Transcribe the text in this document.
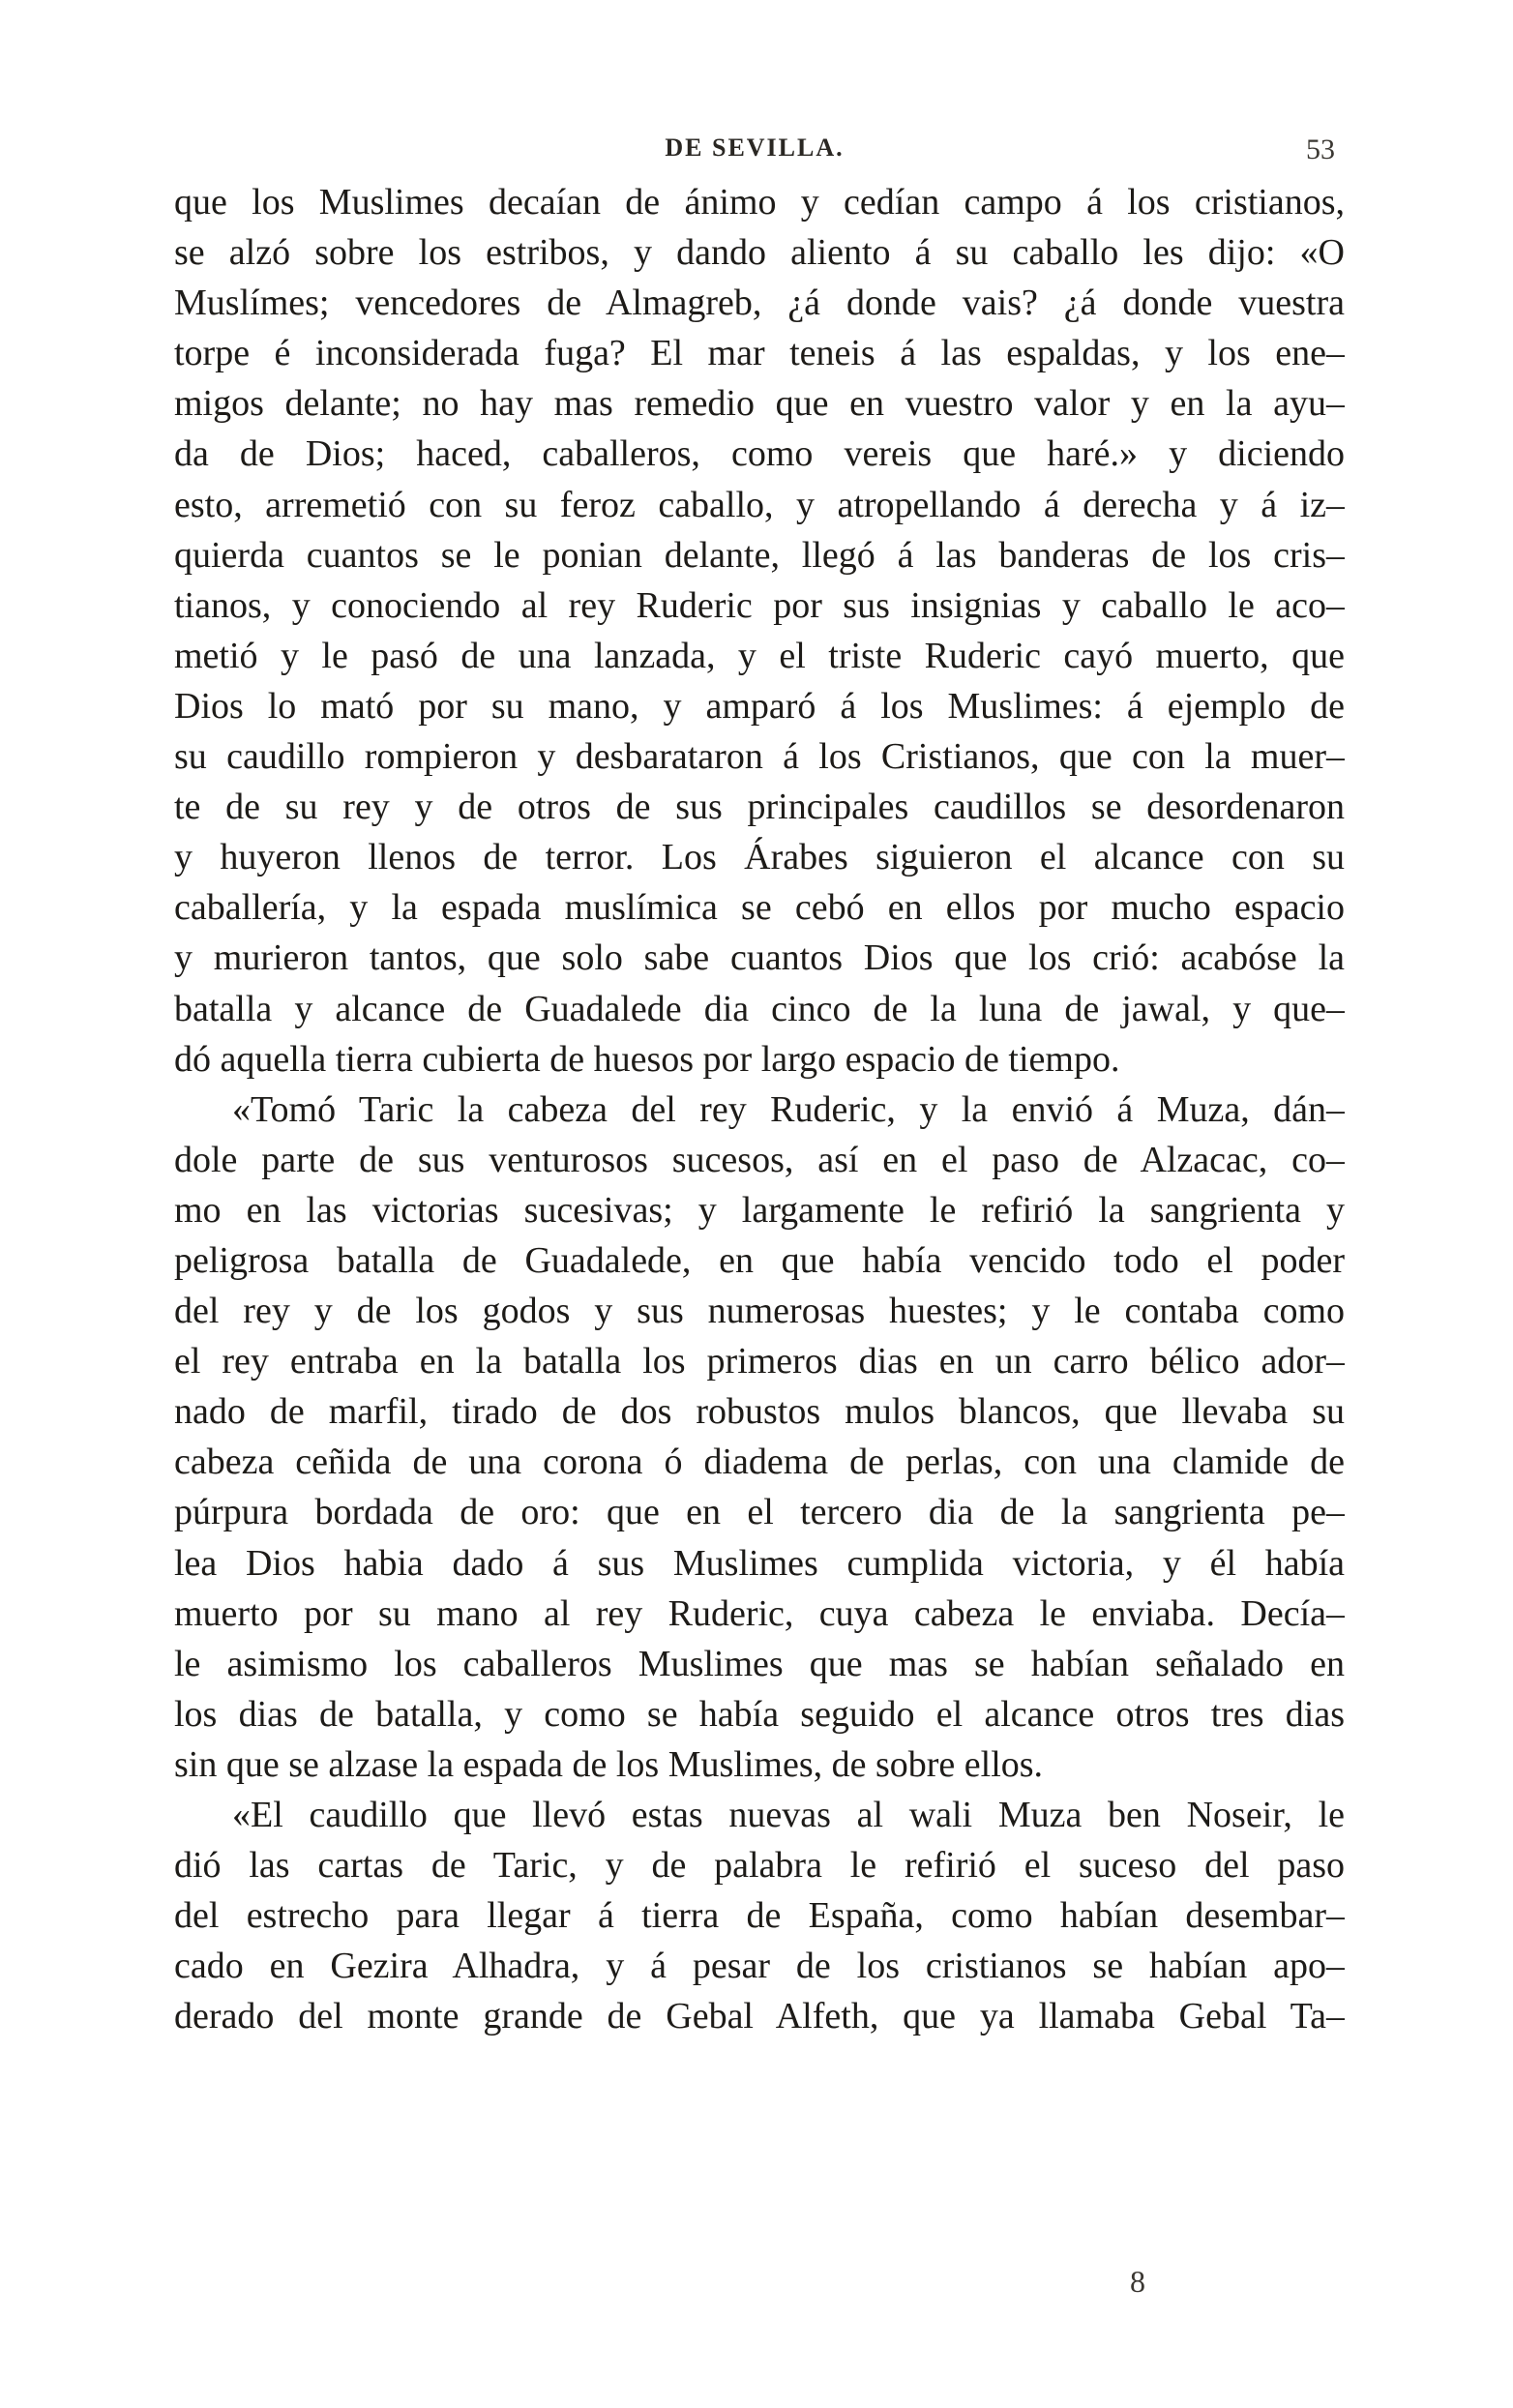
DE SEVILLA.	53
que los Muslimes decaían de ánimo y cedían campo á los cristianos,
se alzó sobre los estribos, y dando aliento á su caballo les dijo: «O
Muslímes; vencedores de Almagreb, ¿á donde vais? ¿á donde vuestra
torpe é inconsiderada fuga? El mar teneis á las espaldas, y los ene–
migos delante; no hay mas remedio que en vuestro valor y en la ayu–
da de Dios; haced, caballeros, como vereis que haré.» y diciendo
esto, arremetió con su feroz caballo, y atropellando á derecha y á iz–
quierda cuantos se le ponian delante, llegó á las banderas de los cris–
tianos, y conociendo al rey Ruderic por sus insignias y caballo le aco–
metió y le pasó de una lanzada, y el triste Ruderic cayó muerto, que
Dios lo mató por su mano, y amparó á los Muslimes: á ejemplo de
su caudillo rompieron y desbarataron á los Cristianos, que con la muer–
te de su rey y de otros de sus principales caudillos se desordenaron
y huyeron llenos de terror. Los Árabes siguieron el alcance con su
caballería, y la espada muslímica se cebó en ellos por mucho espacio
y murieron tantos, que solo sabe cuantos Dios que los crió: acabóse la
batalla y alcance de Guadalede dia cinco de la luna de jawal, y que–
dó aquella tierra cubierta de huesos por largo espacio de tiempo.
«Tomó Taric la cabeza del rey Ruderic, y la envió á Muza, dán–
dole parte de sus venturosos sucesos, así en el paso de Alzacac, co–
mo en las victorias sucesivas; y largamente le refirió la sangrienta y
peligrosa batalla de Guadalede, en que había vencido todo el poder
del rey y de los godos y sus numerosas huestes; y le contaba como
el rey entraba en la batalla los primeros dias en un carro bélico ador–
nado de marfil, tirado de dos robustos mulos blancos, que llevaba su
cabeza ceñida de una corona ó diadema de perlas, con una clamide de
púrpura bordada de oro: que en el tercero dia de la sangrienta pe–
lea Dios habia dado á sus Muslimes cumplida victoria, y él había
muerto por su mano al rey Ruderic, cuya cabeza le enviaba. Decía–
le asimismo los caballeros Muslimes que mas se habían señalado en
los dias de batalla, y como se había seguido el alcance otros tres dias
sin que se alzase la espada de los Muslimes, de sobre ellos.
«El caudillo que llevó estas nuevas al wali Muza ben Noseir, le
dió las cartas de Taric, y de palabra le refirió el suceso del paso
del estrecho para llegar á tierra de España, como habían desembar–
cado en Gezira Alhadra, y á pesar de los cristianos se habían apo–
derado del monte grande de Gebal Alfeth, que ya llamaba Gebal Ta–
8
